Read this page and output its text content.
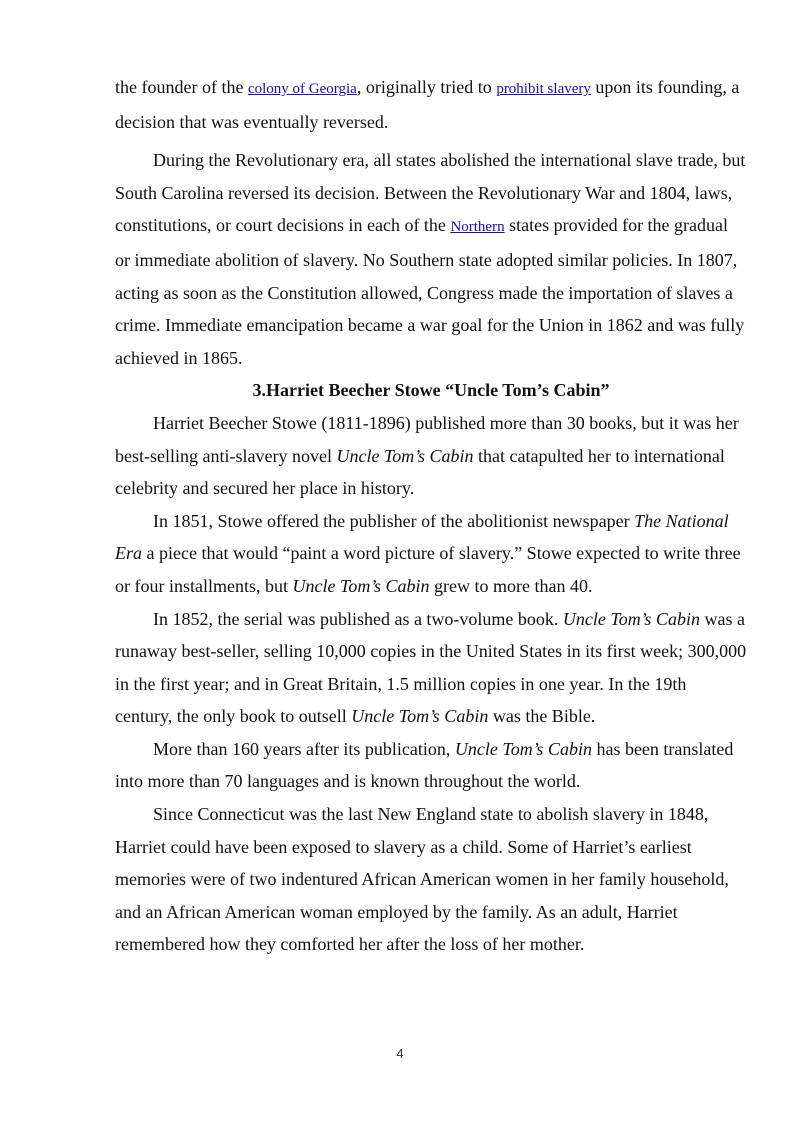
the founder of the colony of Georgia, originally tried to prohibit slavery upon its founding, a decision that was eventually reversed.

During the Revolutionary era, all states abolished the international slave trade, but South Carolina reversed its decision. Between the Revolutionary War and 1804, laws, constitutions, or court decisions in each of the Northern states provided for the gradual or immediate abolition of slavery. No Southern state adopted similar policies. In 1807, acting as soon as the Constitution allowed, Congress made the importation of slaves a crime. Immediate emancipation became a war goal for the Union in 1862 and was fully achieved in 1865.

3.Harriet Beecher Stowe “Uncle Tom’s Cabin”

Harriet Beecher Stowe (1811-1896) published more than 30 books, but it was her best-selling anti-slavery novel Uncle Tom’s Cabin that catapulted her to international celebrity and secured her place in history.

In 1851, Stowe offered the publisher of the abolitionist newspaper The National Era a piece that would “paint a word picture of slavery.” Stowe expected to write three or four installments, but Uncle Tom’s Cabin grew to more than 40.

In 1852, the serial was published as a two-volume book. Uncle Tom’s Cabin was a runaway best-seller, selling 10,000 copies in the United States in its first week; 300,000 in the first year; and in Great Britain, 1.5 million copies in one year. In the 19th century, the only book to outsell Uncle Tom’s Cabin was the Bible.

More than 160 years after its publication, Uncle Tom’s Cabin has been translated into more than 70 languages and is known throughout the world.

Since Connecticut was the last New England state to abolish slavery in 1848, Harriet could have been exposed to slavery as a child. Some of Harriet’s earliest memories were of two indentured African American women in her family household, and an African American woman employed by the family. As an adult, Harriet remembered how they comforted her after the loss of her mother.

4
